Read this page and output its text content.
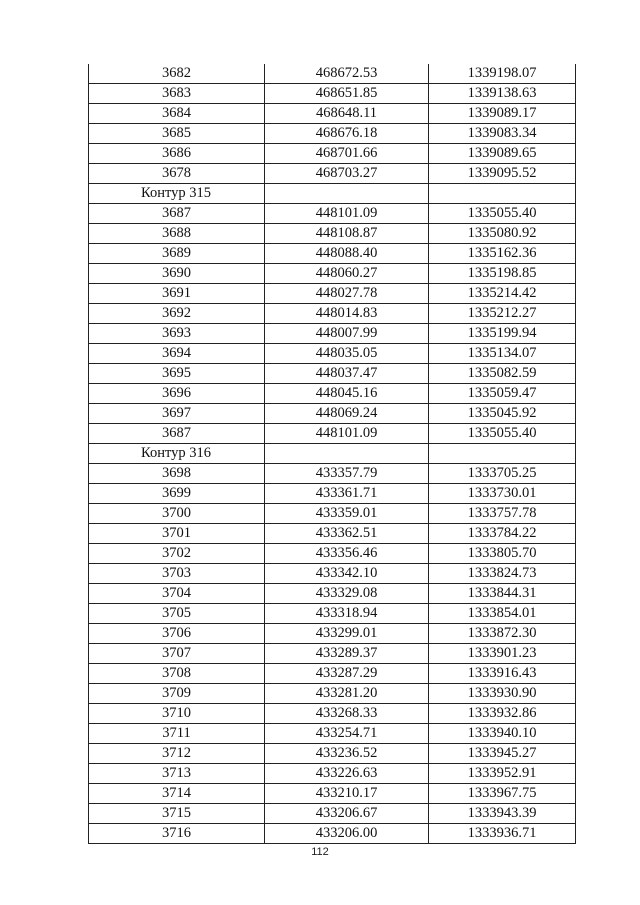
3682	468672.53	1339198.07
3683	468651.85	1339138.63
3684	468648.11	1339089.17
3685	468676.18	1339083.34
3686	468701.66	1339089.65
3678	468703.27	1339095.52
Контур 315		
3687	448101.09	1335055.40
3688	448108.87	1335080.92
3689	448088.40	1335162.36
3690	448060.27	1335198.85
3691	448027.78	1335214.42
3692	448014.83	1335212.27
3693	448007.99	1335199.94
3694	448035.05	1335134.07
3695	448037.47	1335082.59
3696	448045.16	1335059.47
3697	448069.24	1335045.92
3687	448101.09	1335055.40
Контур 316		
3698	433357.79	1333705.25
3699	433361.71	1333730.01
3700	433359.01	1333757.78
3701	433362.51	1333784.22
3702	433356.46	1333805.70
3703	433342.10	1333824.73
3704	433329.08	1333844.31
3705	433318.94	1333854.01
3706	433299.01	1333872.30
3707	433289.37	1333901.23
3708	433287.29	1333916.43
3709	433281.20	1333930.90
3710	433268.33	1333932.86
3711	433254.71	1333940.10
3712	433236.52	1333945.27
3713	433226.63	1333952.91
3714	433210.17	1333967.75
3715	433206.67	1333943.39
3716	433206.00	1333936.71
112
